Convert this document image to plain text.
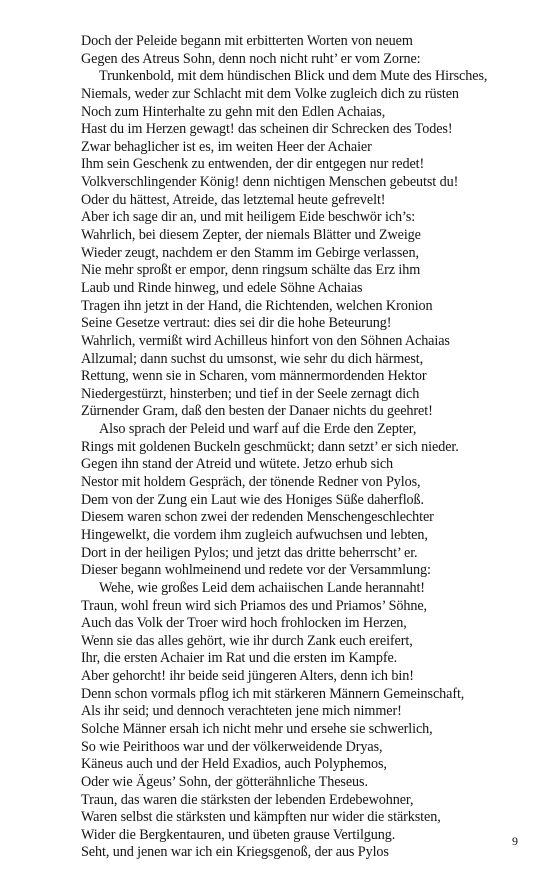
Doch der Peleide begann mit erbitterten Worten von neuem
Gegen des Atreus Sohn, denn noch nicht ruht’ er vom Zorne:
Trunkenbold, mit dem hündischen Blick und dem Mute des Hirsches,
Niemals, weder zur Schlacht mit dem Volke zugleich dich zu rüsten
Noch zum Hinterhalte zu gehn mit den Edlen Achaias,
Hast du im Herzen gewagt! das scheinen dir Schrecken des Todes!
Zwar behaglicher ist es, im weiten Heer der Achaier
Ihm sein Geschenk zu entwenden, der dir entgegen nur redet!
Volkverschlingender König! denn nichtigen Menschen gebeutst du!
Oder du hättest, Atreide, das letztemal heute gefrevelt!
Aber ich sage dir an, und mit heiligem Eide beschwör ich’s:
Wahrlich, bei diesem Zepter, der niemals Blätter und Zweige
Wieder zeugt, nachdem er den Stamm im Gebirge verlassen,
Nie mehr sproßt er empor, denn ringsum schälte das Erz ihm
Laub und Rinde hinweg, und edele Söhne Achaias
Tragen ihn jetzt in der Hand, die Richtenden, welchen Kronion
Seine Gesetze vertraut: dies sei dir die hohe Beteurung!
Wahrlich, vermißt wird Achilleus hinfort von den Söhnen Achaias
Allzumal; dann suchst du umsonst, wie sehr du dich härmest,
Rettung, wenn sie in Scharen, vom männermordenden Hektor
Niedergestürzt, hinsterben; und tief in der Seele zernagt dich
Zürnender Gram, daß den besten der Danaer nichts du geehret!
Also sprach der Peleid und warf auf die Erde den Zepter,
Rings mit goldenen Buckeln geschmückt; dann setzt’ er sich nieder.
Gegen ihn stand der Atreid und wütete. Jetzo erhub sich
Nestor mit holdem Gespräch, der tönende Redner von Pylos,
Dem von der Zung ein Laut wie des Honiges Süße daherfloß.
Diesem waren schon zwei der redenden Menschengeschlechter
Hingewelkt, die vordem ihm zugleich aufwuchsen und lebten,
Dort in der heiligen Pylos; und jetzt das dritte beherrscht’ er.
Dieser begann wohlmeinend und redete vor der Versammlung:
Wehe, wie großes Leid dem achaiischen Lande herannaht!
Traun, wohl freun wird sich Priamos des und Priamos’ Söhne,
Auch das Volk der Troer wird hoch frohlocken im Herzen,
Wenn sie das alles gehört, wie ihr durch Zank euch ereifert,
Ihr, die ersten Achaier im Rat und die ersten im Kampfe.
Aber gehorcht! ihr beide seid jüngeren Alters, denn ich bin!
Denn schon vormals pflog ich mit stärkeren Männern Gemeinschaft,
Als ihr seid; und dennoch verachteten jene mich nimmer!
Solche Männer ersah ich nicht mehr und ersehe sie schwerlich,
So wie Peirithoos war und der völkerweidende Dryas,
Käneus auch und der Held Exadios, auch Polyphemos,
Oder wie Ägeus’ Sohn, der götterähnliche Theseus.
Traun, das waren die stärksten der lebenden Erdebewohner,
Waren selbst die stärksten und kämpften nur wider die stärksten,
Wider die Bergkentauren, und übeten grause Vertilgung.
Seht, und jenen war ich ein Kriegsgenoß, der aus Pylos
9
